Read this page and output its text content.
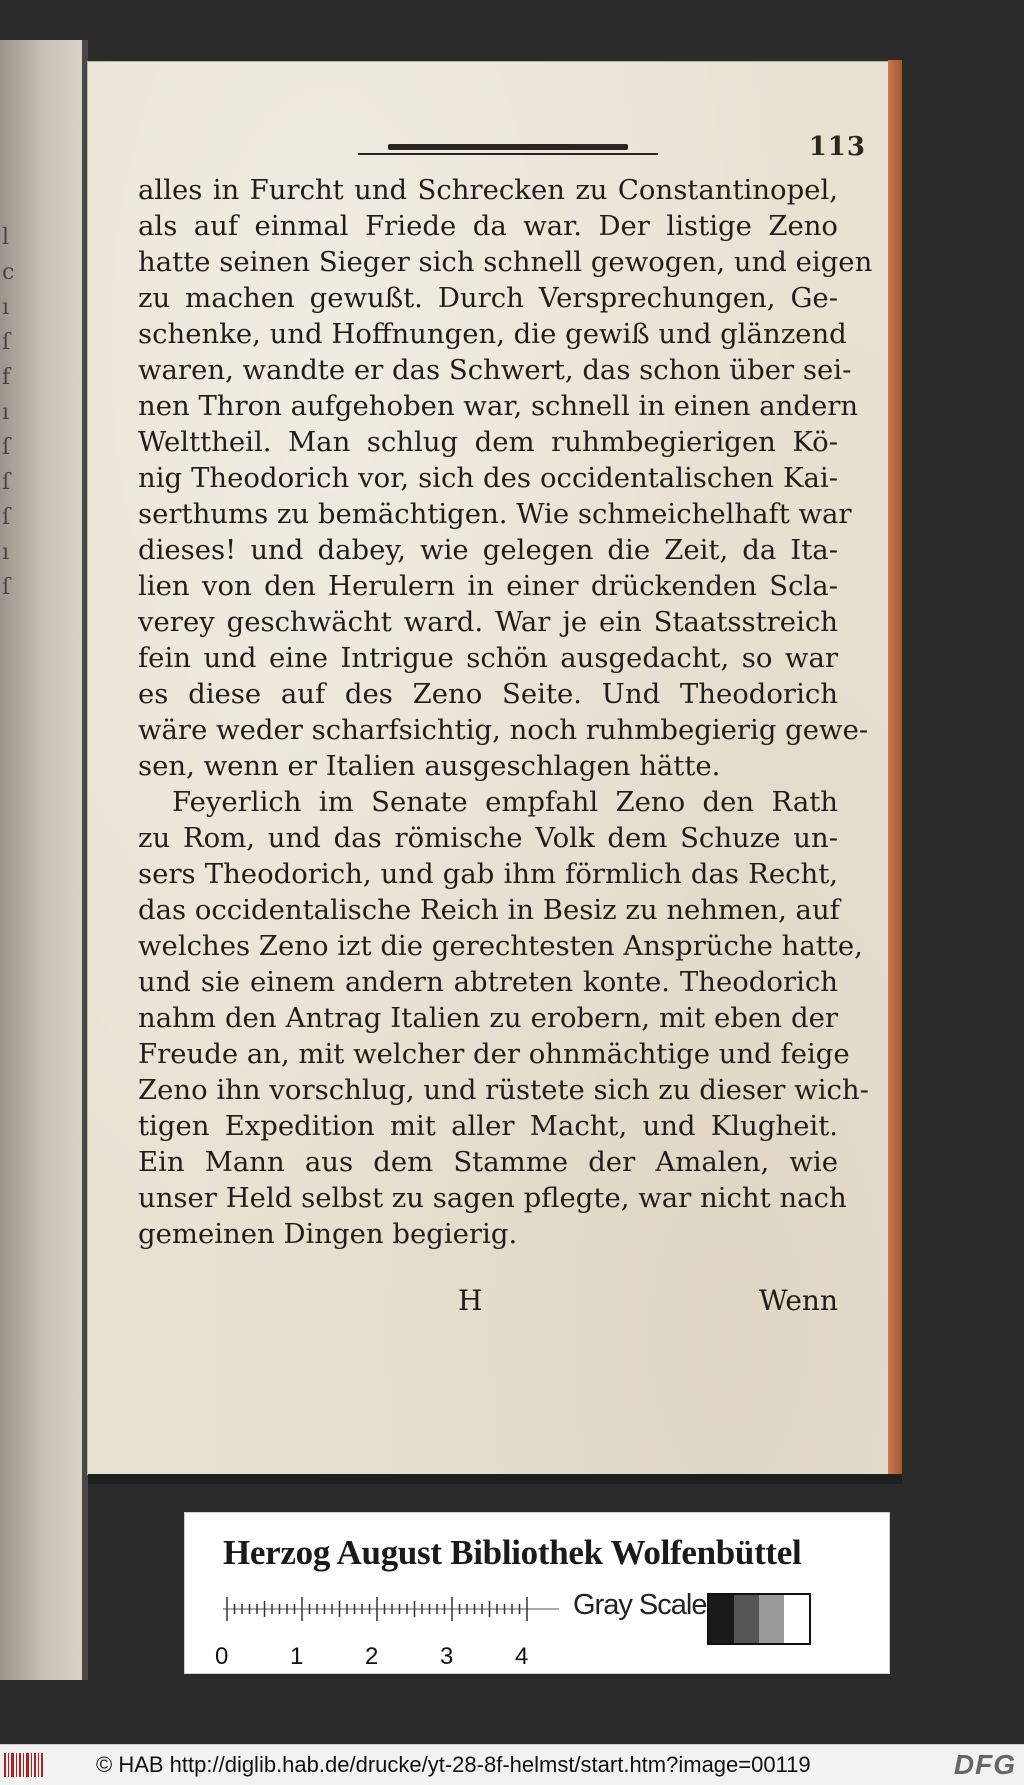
l
c
ı
ſ
f
ı
ſ
ſ
ſ
ı
ſ
113
alles in Furcht und Schrecken zu Constantinopel,
als auf einmal Friede da war. Der listige Zeno
hatte seinen Sieger sich schnell gewogen, und eigen
zu machen gewußt. Durch Versprechungen, Ge-
schenke, und Hoffnungen, die gewiß und glänzend
waren, wandte er das Schwert, das schon über sei-
nen Thron aufgehoben war, schnell in einen andern
Welttheil. Man schlug dem ruhmbegierigen Kö-
nig Theodorich vor, sich des occidentalischen Kai-
serthums zu bemächtigen. Wie schmeichelhaft war
dieses! und dabey, wie gelegen die Zeit, da Ita-
lien von den Herulern in einer drückenden Scla-
verey geschwächt ward. War je ein Staatsstreich
fein und eine Intrigue schön ausgedacht, so war
es diese auf des Zeno Seite. Und Theodorich
wäre weder scharfsichtig, noch ruhmbegierig gewe-
sen, wenn er Italien ausgeschlagen hätte.
Feyerlich im Senate empfahl Zeno den Rath
zu Rom, und das römische Volk dem Schuze un-
sers Theodorich, und gab ihm förmlich das Recht,
das occidentalische Reich in Besiz zu nehmen, auf
welches Zeno izt die gerechtesten Ansprüche hatte,
und sie einem andern abtreten konte. Theodorich
nahm den Antrag Italien zu erobern, mit eben der
Freude an, mit welcher der ohnmächtige und feige
Zeno ihn vorschlug, und rüstete sich zu dieser wich-
tigen Expedition mit aller Macht, und Klugheit.
Ein Mann aus dem Stamme der Amalen, wie
unser Held selbst zu sagen pflegte, war nicht nach
gemeinen Dingen begierig.
H	Wenn
Herzog August Bibliothek Wolfenbüttel
0	1	2	3	4
Gray Scale
© HAB http://diglib.hab.de/drucke/yt-28-8f-helmst/start.htm?image=00119	DFG
